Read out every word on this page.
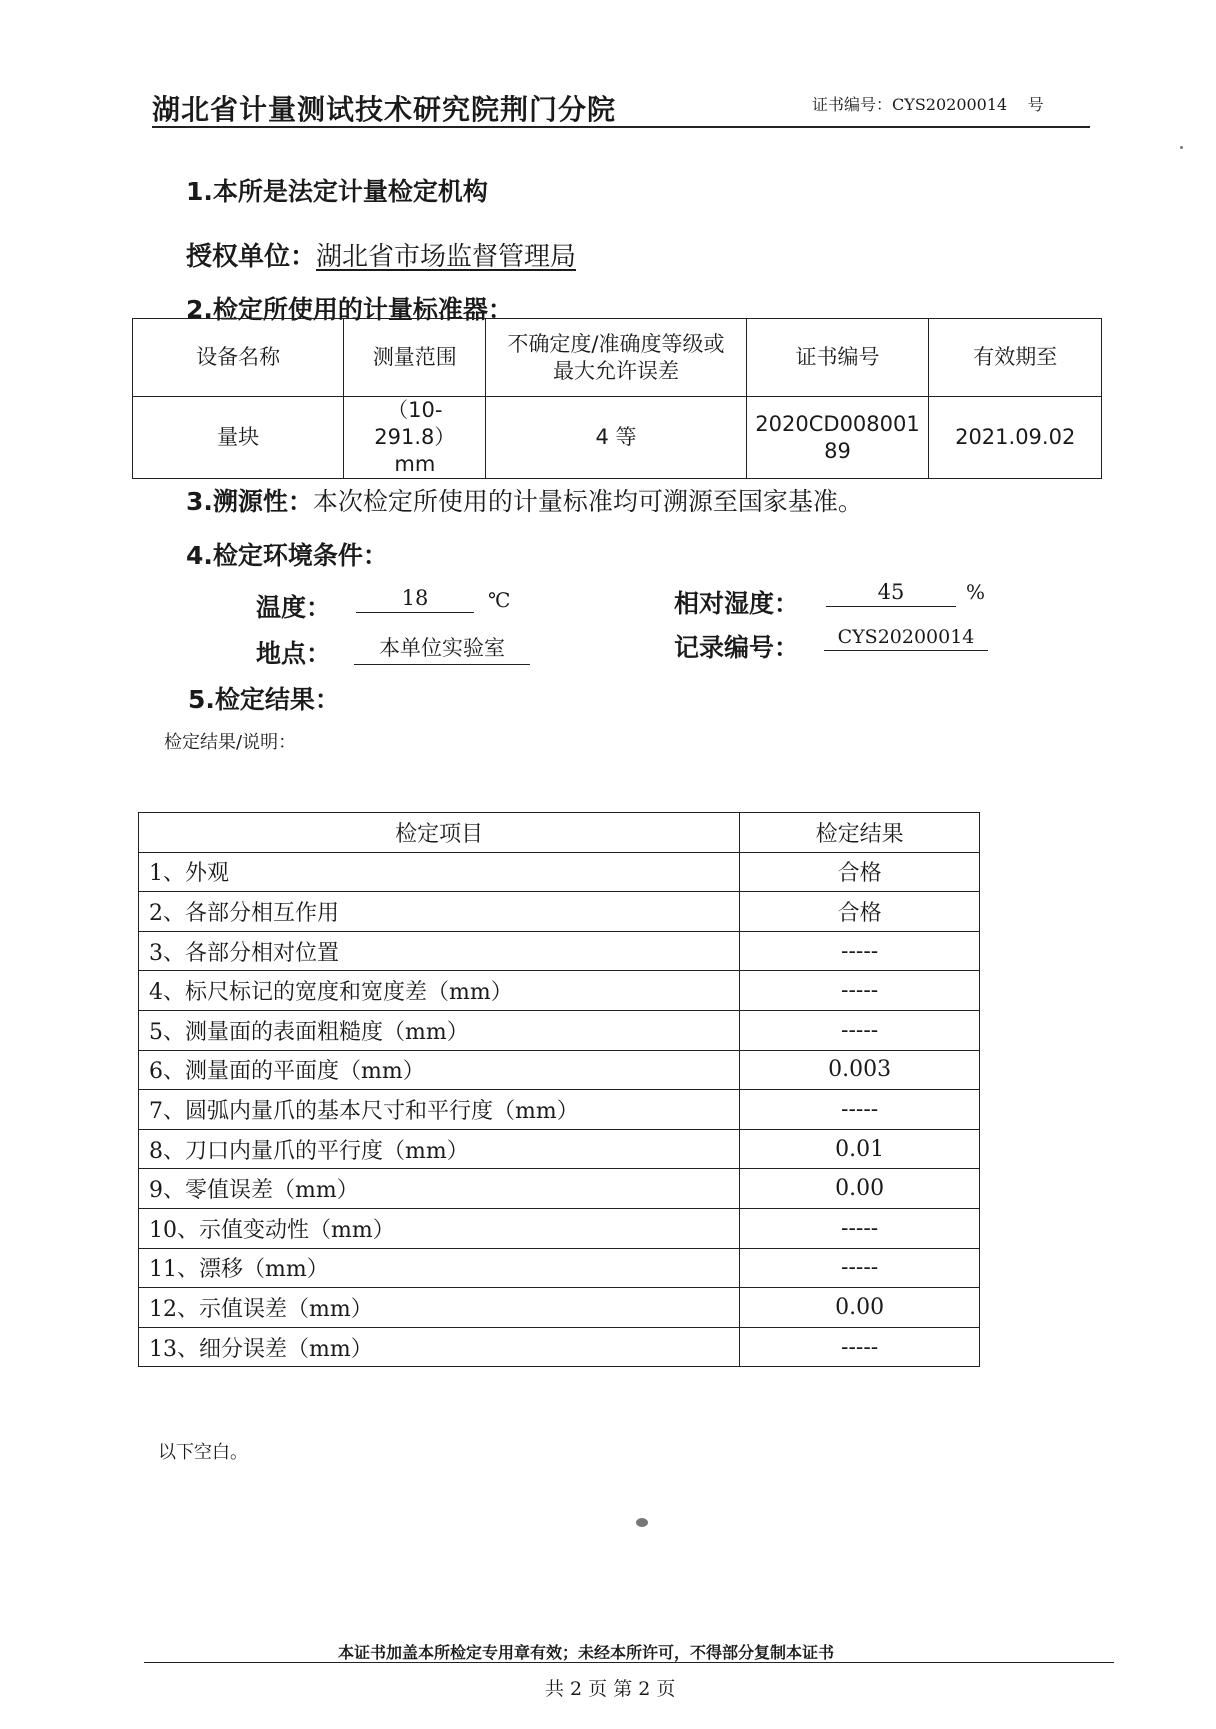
湖北省计量测试技术研究院荆门分院	证书编号：CYS20200014 号
1.本所是法定计量检定机构
授权单位：湖北省市场监督管理局
2.检定所使用的计量标准器：
设备名称	测量范围	不确定度/准确度等级或最大允许误差	证书编号	有效期至
量块	（10-291.8）mm	4 等	2020CD00800189	2021.09.02
3.溯源性：本次检定所使用的计量标准均可溯源至国家基准。
4.检定环境条件：
温度：	18	℃	相对湿度：	45	%
地点：	本单位实验室	记录编号：	CYS20200014
5.检定结果：
检定结果/说明：
检定项目	检定结果
1、外观	合格
2、各部分相互作用	合格
3、各部分相对位置	-----
4、标尺标记的宽度和宽度差（mm）	-----
5、测量面的表面粗糙度（mm）	-----
6、测量面的平面度（mm）	0.003
7、圆弧内量爪的基本尺寸和平行度（mm）	-----
8、刀口内量爪的平行度（mm）	0.01
9、零值误差（mm）	0.00
10、示值变动性（mm）	-----
11、漂移（mm）	-----
12、示值误差（mm）	0.00
13、细分误差（mm）	-----
以下空白。
本证书加盖本所检定专用章有效；未经本所许可，不得部分复制本证书
共 2 页 第 2 页
